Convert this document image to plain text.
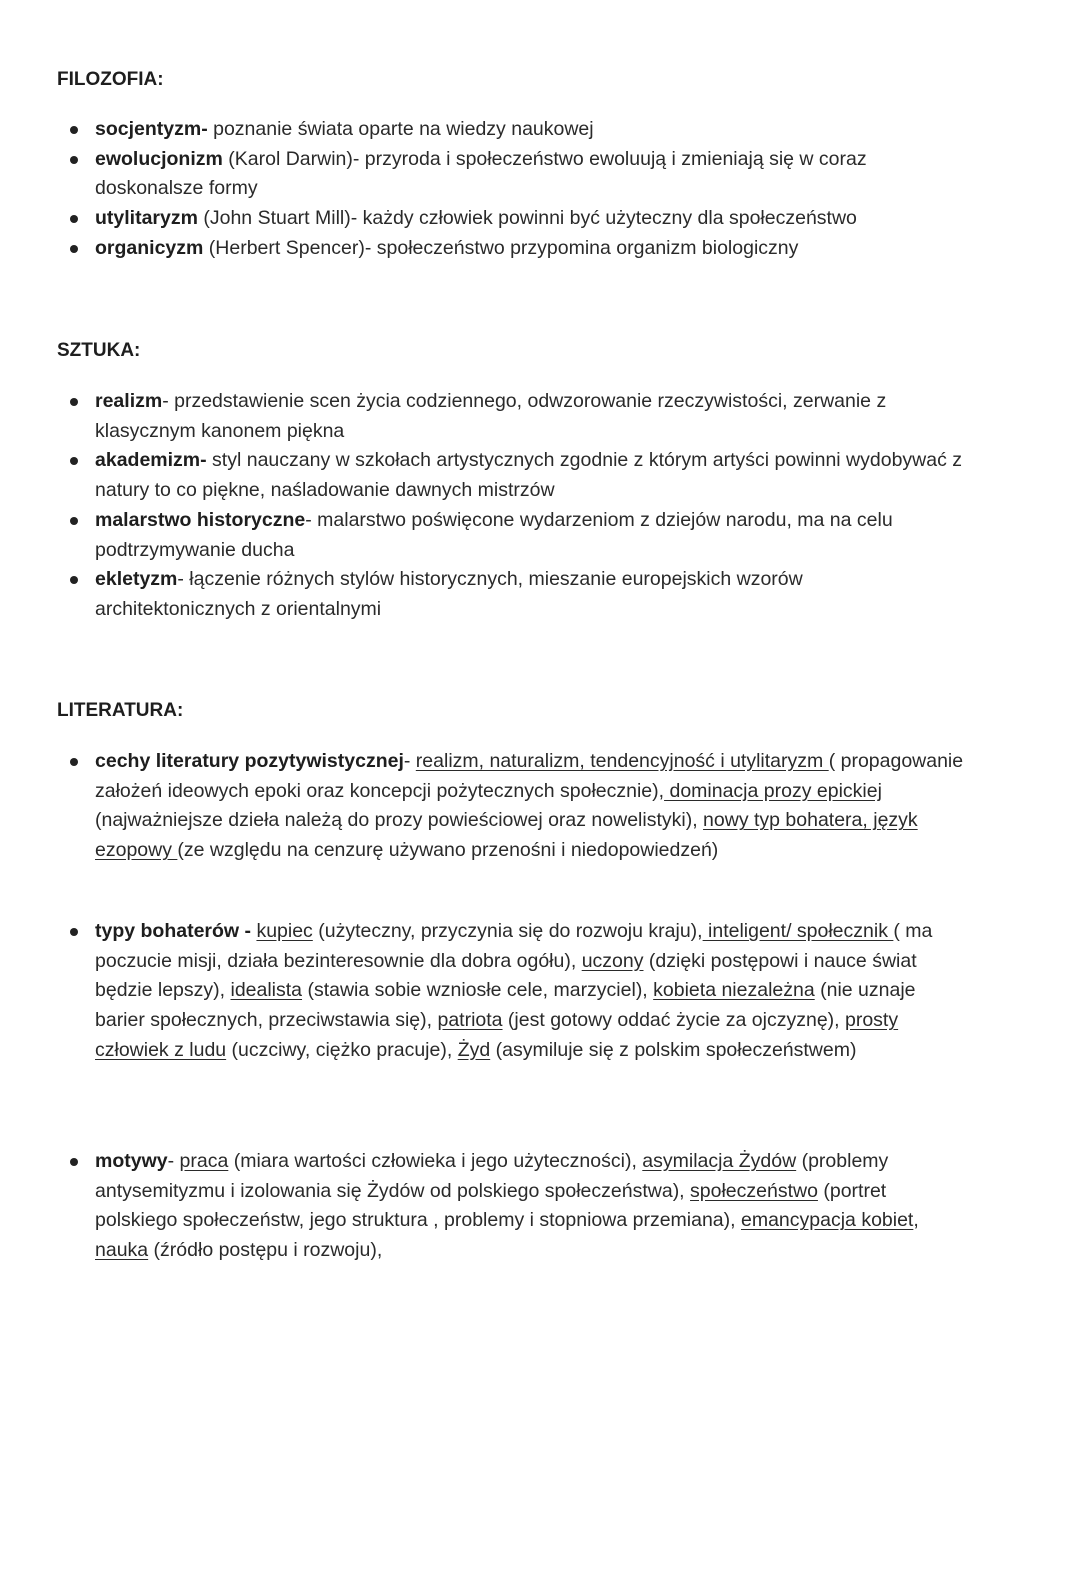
FILOZOFIA:
socjentyzm- poznanie świata oparte na wiedzy naukowej
ewolucjonizm (Karol Darwin)- przyroda i społeczeństwo ewoluują i zmieniają się w coraz doskonalsze formy
utylitaryzm (John Stuart Mill)- każdy człowiek powinni być użyteczny dla społeczeństwo
organicyzm (Herbert Spencer)- społeczeństwo przypomina organizm biologiczny
SZTUKA:
realizm- przedstawienie scen życia codziennego, odwzorowanie rzeczywistości, zerwanie z klasycznym kanonem piękna
akademizm- styl nauczany w szkołach artystycznych zgodnie z którym artyści powinni wydobywać z natury to co piękne, naśladowanie dawnych mistrzów
malarstwo historyczne- malarstwo poświęcone wydarzeniom z dziejów narodu, ma na celu podtrzymywanie ducha
ekletyzm- łączenie różnych stylów historycznych, mieszanie europejskich wzorów architektonicznych z orientalnymi
LITERATURA:
cechy literatury pozytywistycznej- realizm, naturalizm, tendencyjność i utylitaryzm ( propagowanie założeń ideowych epoki oraz koncepcji pożytecznych społecznie), dominacja prozy epickiej (najważniejsze dzieła należą do prozy powieściowej oraz nowelistyki), nowy typ bohatera, język ezopowy (ze względu na cenzurę używano przenośni i niedopowiedzeń)
typy bohaterów - kupiec (użyteczny, przyczynia się do rozwoju kraju), inteligent/ społecznik ( ma poczucie misji, działa bezinteresownie dla dobra ogółu), uczony (dzięki postępowi i nauce świat będzie lepszy), idealista (stawia sobie wzniosłe cele, marzyciel), kobieta niezależna (nie uznaje barier społecznych, przeciwstawia się), patriota (jest gotowy oddać życie za ojczyznę), prosty człowiek z ludu (uczciwy, ciężko pracuje), Żyd (asymiluje się z polskim społeczeństwem)
motywy- praca (miara wartości człowieka i jego użyteczności), asymilacja Żydów (problemy antysemityzmu i izolowania się Żydów od polskiego społeczeństwa), społeczeństwo (portret polskiego społeczeństw, jego struktura , problemy i stopniowa przemiana), emancypacja kobiet, nauka (źródło postępu i rozwoju),
